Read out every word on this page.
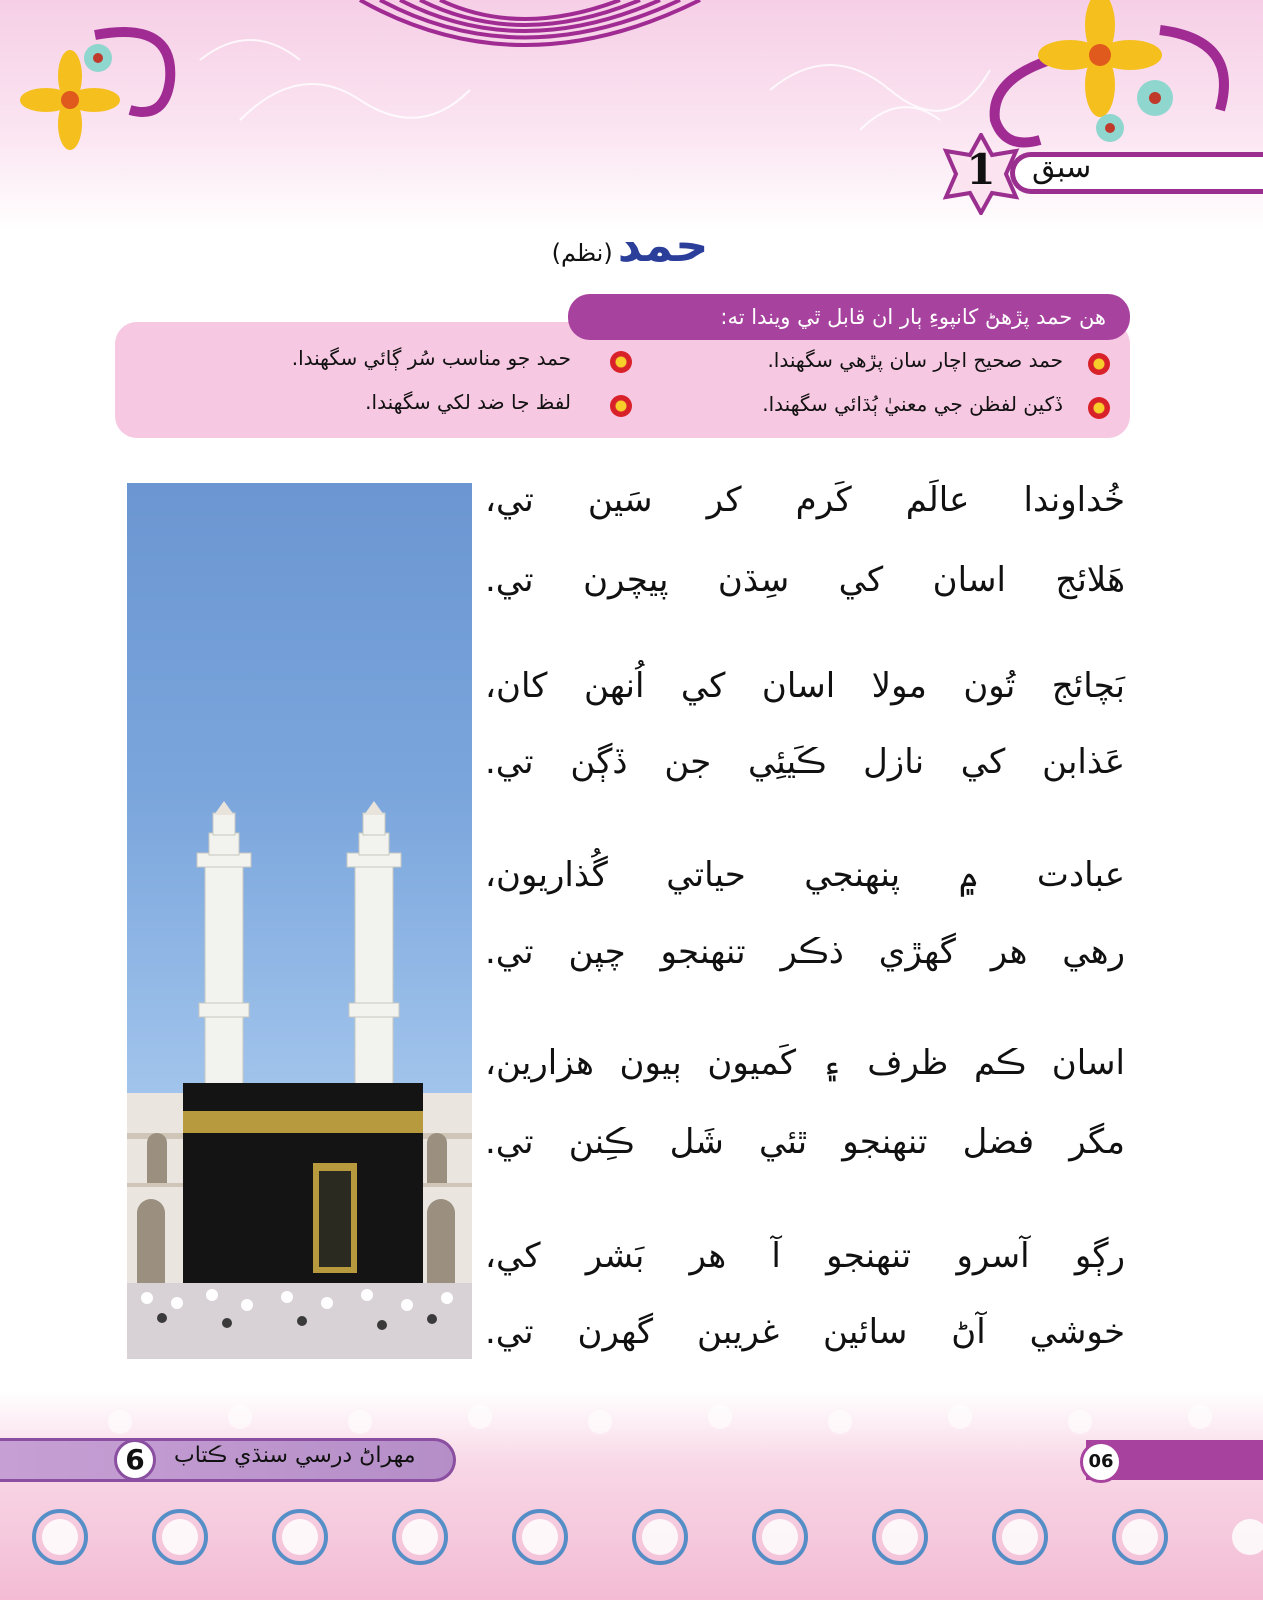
سبق
1
حمد (نظم)
هن حمد پڙهڻ کانپوءِ ٻار ان قابل ٿي ويندا ته:
حمد صحيح اچار سان پڙهي سگهندا.
حمد جو مناسب سُر ڳائي سگهندا.
ڏکين لفظن جي معنيٰ ٻُڌائي سگهندا.
لفظ جا ضد لکي سگهندا.
خُداوندا عالَم کَرم کر سَين تي،
هَلائج اسان کي سِڌن پيچرن تي.
بَچائج تُون مولا اسان کي اُنهن کان،
عَذابن کي نازل ڪَيئِي جن ڏڳن تي.
عبادت ۾ پنهنجي حياتي گُذاريون،
رهي هر گهڙي ذڪر تنهنجو چپن تي.
اسان ڪم ظرف ۽ کَميون ٻيون هزارين،
مگر فضل تنهنجو ٿئي شَل ڪِنن تي.
رڳو آسرو تنهنجو آ هر بَشر کي،
خوشي آڻ سائين غريبن گهرن تي.
مهراڻ درسي سنڌي ڪتاب
6	06
